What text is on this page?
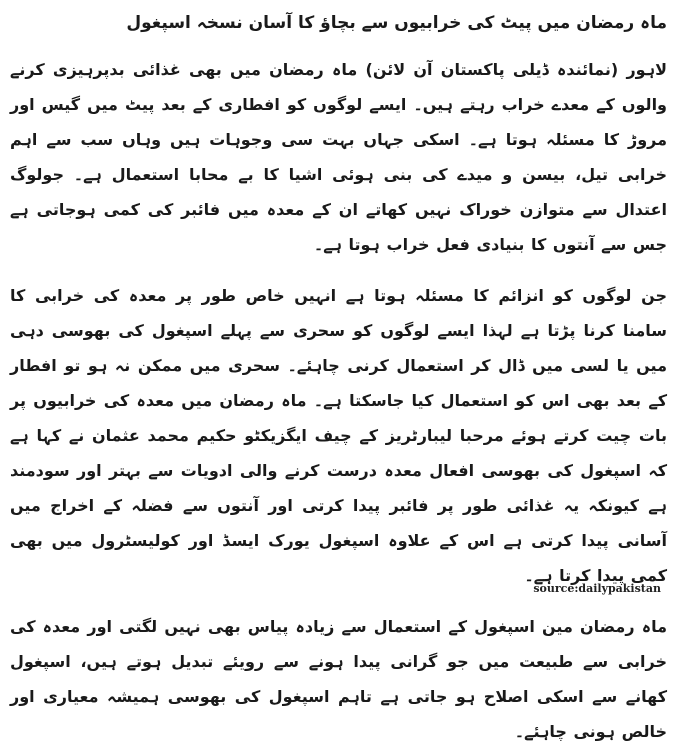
ماہ رمضان میں پیٹ کی خرابیوں سے بچاؤ کا آسان نسخہ اسپغول

لاہور (نمائندہ ڈیلی پاکستان آن لائن) ماہ رمضان میں بھی غذائی بدپرہیزی کرنے والوں کے معدے خراب رہتے ہیں۔ ایسے لوگوں کو افطاری کے بعد پیٹ میں گیس اور مروڑ کا مسئلہ ہوتا ہے۔ اسکی جہاں بہت سی وجوہات ہیں وہاں سب سے اہم خرابی تیل، بیسن و میدے کی بنی ہوئی اشیا کا بے محابا استعمال ہے۔ جولوگ اعتدال سے متوازن خوراک نہیں کھاتے ان کے معدہ میں فائبر کی کمی ہوجاتی ہے جس سے آنتوں کا بنیادی فعل خراب ہوتا ہے۔

جن لوگوں کو انزائم کا مسئلہ ہوتا ہے انہیں خاص طور پر معدہ کی خرابی کا سامنا کرنا پڑتا ہے لہذا ایسے لوگوں کو سحری سے پہلے اسپغول کی بھوسی دہی میں یا لسی میں ڈال کر استعمال کرنی چاہئے۔ سحری میں ممکن نہ ہو تو افطار کے بعد بھی اس کو استعمال کیا جاسکتا ہے۔ ماہ رمضان میں معدہ کی خرابیوں پر بات چیت کرتے ہوئے مرحبا لیبارٹریز کے چیف ایگزیکٹو حکیم محمد عثمان نے کہا ہے کہ اسپغول کی بھوسی افعال معدہ درست کرنے والی ادویات سے بہتر اور سودمند ہے کیونکہ یہ غذائی طور پر فائبر پیدا کرتی اور آنتوں سے فضلہ کے اخراج میں آسانی پیدا کرتی ہے اس کے علاوہ اسپغول یورک ایسڈ اور کولیسٹرول میں بھی کمی پیدا کرتا ہے۔

ماہ رمضان مین اسپغول کے استعمال سے زیادہ پیاس بھی نہیں لگتی اور معدہ کی خرابی سے طبیعت میں جو گرانی پیدا ہونے سے رویئے تبدیل ہوتے ہیں، اسپغول کھانے سے اسکی اصلاح ہو جاتی ہے تاہم اسپغول کی بھوسی ہمیشہ معیاری اور خالص ہونی چاہئے۔

source:dailypakistan
